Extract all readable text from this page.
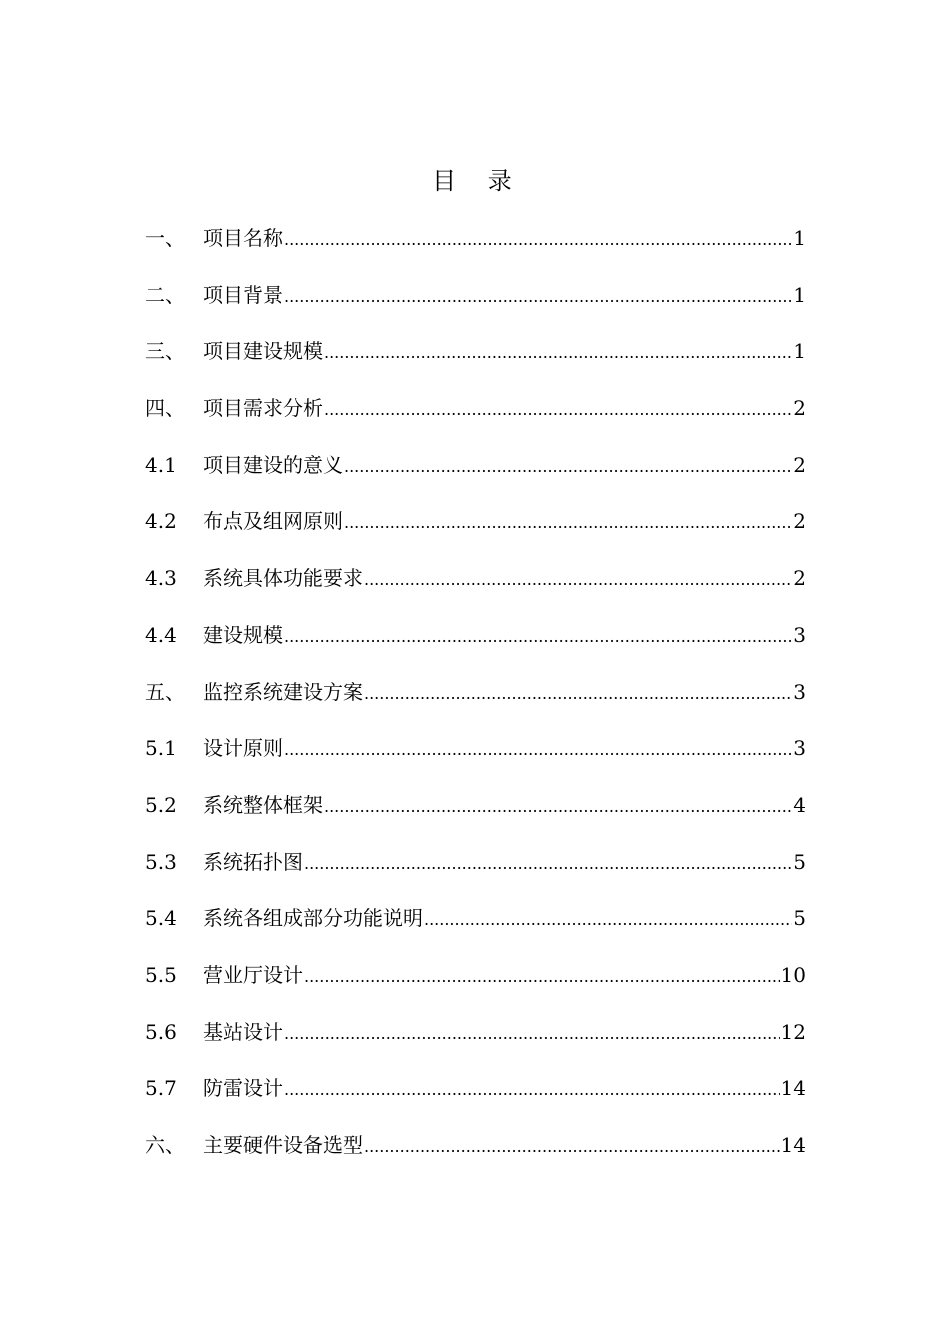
目 录
一、 项目名称 .....	1
二、 项目背景 .....	1
三、 项目建设规模 .....	1
四、 项目需求分析 .....	2
4.1	项目建设的意义 .....	2
4.2	布点及组网原则 .....	2
4.3	系统具体功能要求 .....	2
4.4	建设规模 .....	3
五、 监控系统建设方案 .....	3
5.1	设计原则 .....	3
5.2	系统整体框架 .....	4
5.3	系统拓扑图 .....	5
5.4	系统各组成部分功能说明 .....	5
5.5	营业厅设计 .....	10
5.6	基站设计 .....	12
5.7	防雷设计 .....	14
六、 主要硬件设备选型 .....	14
